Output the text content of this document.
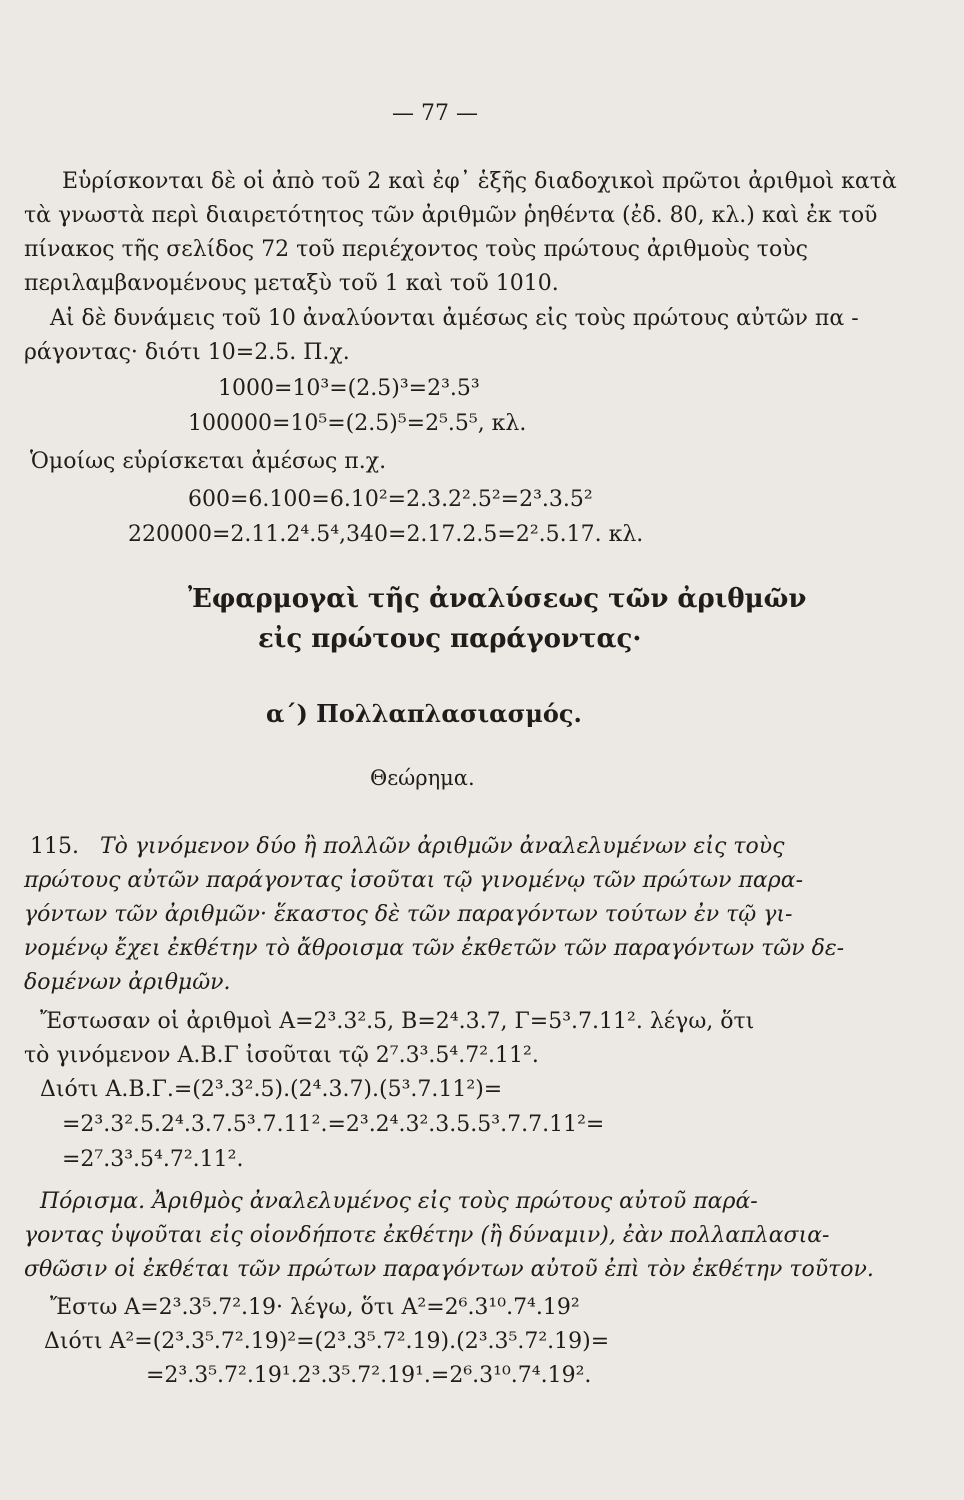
— 77 —
Εὑρίσκονται δὲ οἱ ἀπὸ τοῦ 2 καὶ ἐφ᾽ ἑξῆς διαδοχικοὶ πρῶτοι ἀριθμοὶ κατὰ
τὰ γνωστὰ περὶ διαιρετότητος τῶν ἀριθμῶν ῥηθέντα (ἐδ. 80, κλ.) καὶ ἐκ τοῦ
πίνακος τῆς σελίδος 72 τοῦ περιέχοντος τοὺς πρώτους ἀριθμοὺς τοὺς
περιλαμβανομένους μεταξὺ τοῦ 1 καὶ τοῦ 1010.
Αἱ δὲ δυνάμεις τοῦ 10 ἀναλύονται ἀμέσως εἰς τοὺς πρώτους αὐτῶν πα -
ράγοντας· διότι 10=2.5. Π.χ.
1000=10³=(2.5)³=2³.5³
100000=10⁵=(2.5)⁵=2⁵.5⁵, κλ.
Ὁμοίως εὑρίσκεται ἀμέσως π.χ.
600=6.100=6.10²=2.3.2².5²=2³.3.5²
220000=2.11.2⁴.5⁴,340=2.17.2.5=2².5.17. κλ.
Ἐφαρμογαὶ τῆς ἀναλύσεως τῶν ἀριθμῶν
εἰς πρώτους παράγοντας·
α΄) Πολλαπλασιασμός.
Θεώρημα.
115. Τὸ γινόμενον δύο ἢ πολλῶν ἀριθμῶν ἀναλελυμένων εἰς τοὺς
πρώτους αὐτῶν παράγοντας ἰσοῦται τῷ γινομένῳ τῶν πρώτων παρα-
γόντων τῶν ἀριθμῶν· ἕκαστος δὲ τῶν παραγόντων τούτων ἐν τῷ γι-
νομένῳ ἔχει ἐκθέτην τὸ ἄθροισμα τῶν ἐκθετῶν τῶν παραγόντων τῶν δε-
δομένων ἀριθμῶν.
Ἔστωσαν οἱ ἀριθμοὶ Α=2³.3².5, Β=2⁴.3.7, Γ=5³.7.11². λέγω, ὅτι
τὸ γινόμενον Α.Β.Γ ἰσοῦται τῷ 2⁷.3³.5⁴.7².11².
Διότι Α.Β.Γ.=(2³.3².5).(2⁴.3.7).(5³.7.11²)=
=2³.3².5.2⁴.3.7.5³.7.11².=2³.2⁴.3².3.5.5³.7.7.11²=
=2⁷.3³.5⁴.7².11².
Πόρισμα. Ἀριθμὸς ἀναλελυμένος εἰς τοὺς πρώτους αὐτοῦ παρά-
γοντας ὑψοῦται εἰς οἱονδήποτε ἐκθέτην (ἢ δύναμιν), ἐὰν πολλαπλασια-
σθῶσιν οἱ ἐκθέται τῶν πρώτων παραγόντων αὐτοῦ ἐπὶ τὸν ἐκθέτην τοῦτον.
Ἔστω Α=2³.3⁵.7².19· λέγω, ὅτι Α²=2⁶.3¹⁰.7⁴.19²
Διότι Α²=(2³.3⁵.7².19)²=(2³.3⁵.7².19).(2³.3⁵.7².19)=
=2³.3⁵.7².19¹.2³.3⁵.7².19¹.=2⁶.3¹⁰.7⁴.19².
